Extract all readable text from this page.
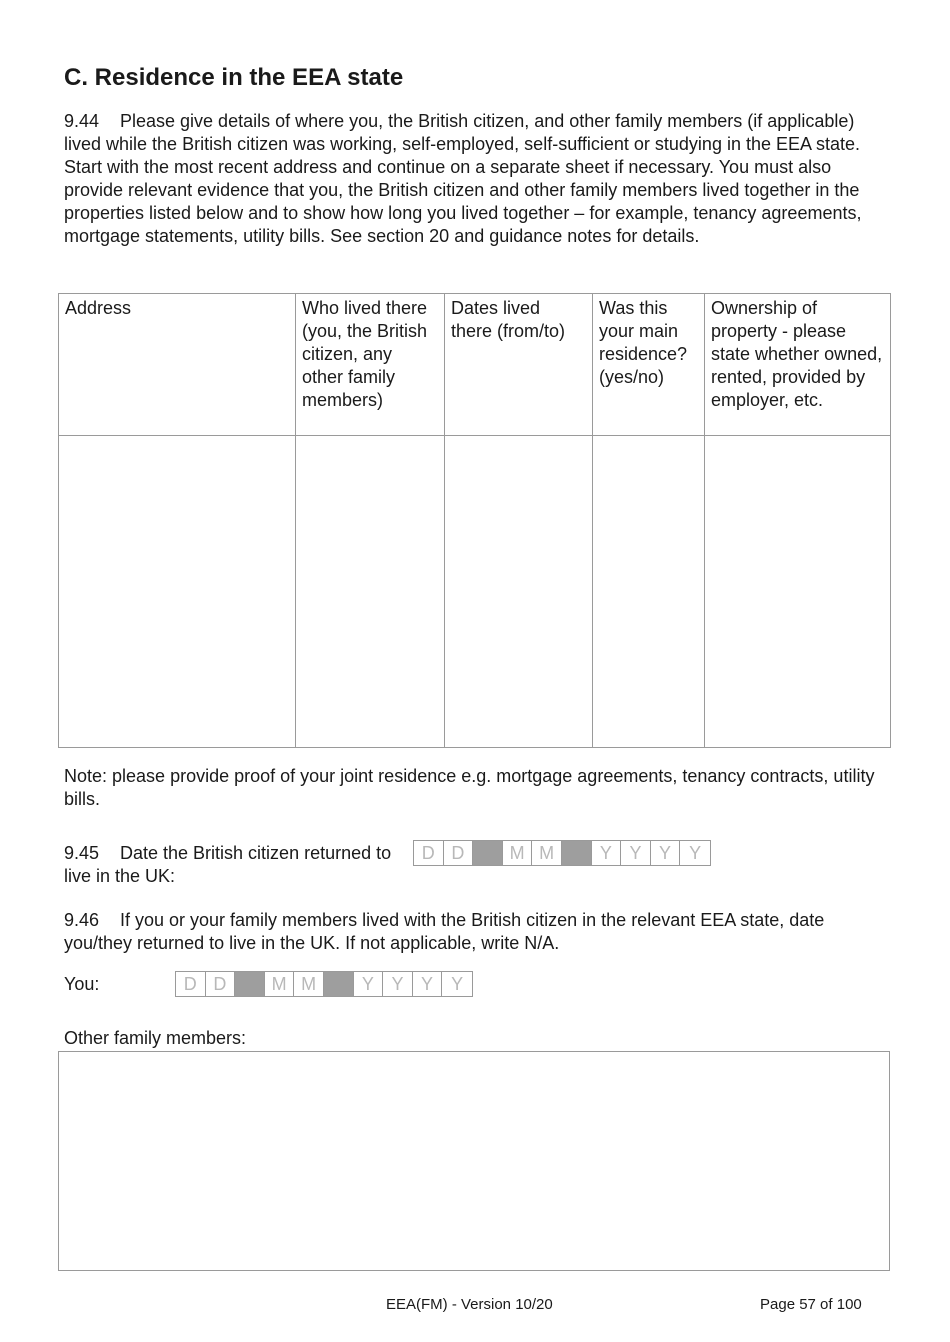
C. Residence in the EEA state
9.44 Please give details of where you, the British citizen, and other family members (if applicable) lived while the British citizen was working, self-employed, self-sufficient or studying in the EEA state. Start with the most recent address and continue on a separate sheet if necessary. You must also provide relevant evidence that you, the British citizen and other family members lived together in the properties listed below and to show how long you lived together – for example, tenancy agreements, mortgage statements, utility bills. See section 20 and guidance notes for details.
Address	Who lived there (you, the British citizen, any other family members)	Dates lived there (from/to)	Was this your main residence? (yes/no)	Ownership of property - please state whether owned, rented, provided by employer, etc.

Note: please provide proof of your joint residence e.g. mortgage agreements, tenancy contracts, utility bills.
9.45 Date the British citizen returned to live in the UK:
D D	M M	Y Y Y	Y
9.46 If you or your family members lived with the British citizen in the relevant EEA state, date you/they returned to live in the UK. If not applicable, write N/A.
You:	D D	M M	Y Y Y	Y
Other family members:
EEA(FM) - Version 10/20	Page 57 of 100
